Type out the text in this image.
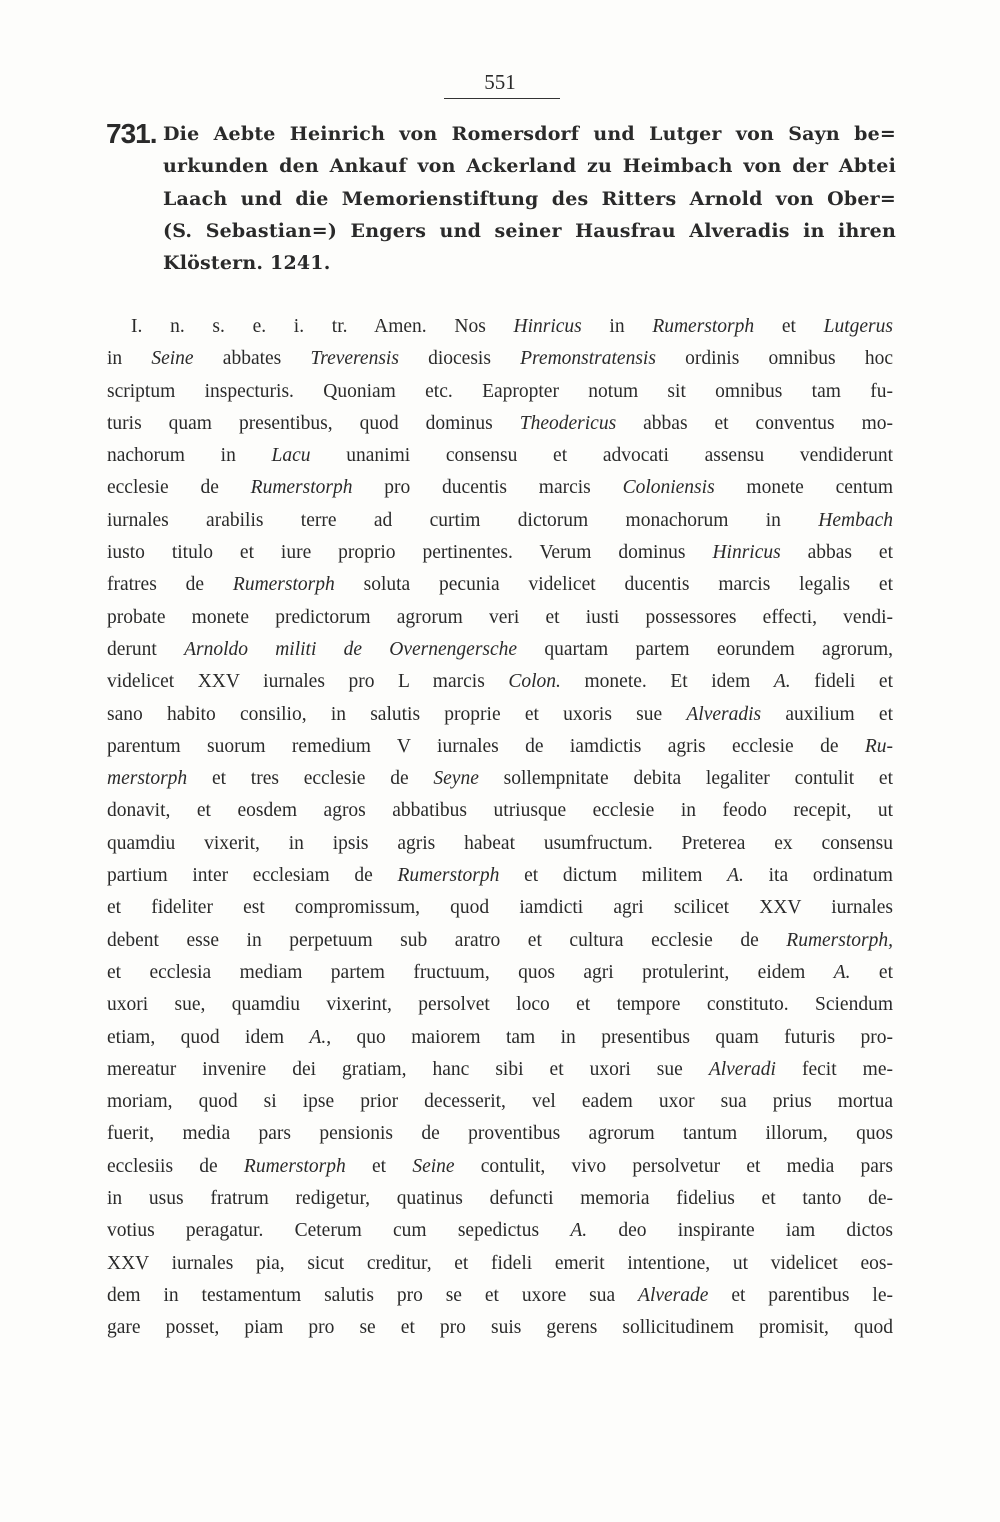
551
731. Die Aebte Heinrich von Romersdorf und Lutger von Sayn be=
urkunden den Ankauf von Ackerland zu Heimbach von der Abtei
Laach und die Memorienstiftung des Ritters Arnold von Ober=
(S. Sebastian=) Engers und seiner Hausfrau Alveradis in ihren
Klöstern. 1241.
I. n. s. e. i. tr. Amen. Nos Hinricus in Rumerstorph et Lutgerus
in Seine abbates Treverensis diocesis Premonstratensis ordinis omnibus hoc
scriptum inspecturis. Quoniam etc. Eapropter notum sit omnibus tam fu-
turis quam presentibus, quod dominus Theodericus abbas et conventus mo-
nachorum in Lacu unanimi consensu et advocati assensu vendiderunt
ecclesie de Rumerstorph pro ducentis marcis Coloniensis monete centum
iurnales arabilis terre ad curtim dictorum monachorum in Hembach
iusto titulo et iure proprio pertinentes. Verum dominus Hinricus abbas et
fratres de Rumerstorph soluta pecunia videlicet ducentis marcis legalis et
probate monete predictorum agrorum veri et iusti possessores effecti, vendi-
derunt Arnoldo militi de Overnengersche quartam partem eorundem agrorum,
videlicet XXV iurnales pro L marcis Colon. monete. Et idem A. fideli et
sano habito consilio, in salutis proprie et uxoris sue Alveradis auxilium et
parentum suorum remedium V iurnales de iamdictis agris ecclesie de Ru-
merstorph et tres ecclesie de Seyne sollempnitate debita legaliter contulit et
donavit, et eosdem agros abbatibus utriusque ecclesie in feodo recepit, ut
quamdiu vixerit, in ipsis agris habeat usumfructum. Preterea ex consensu
partium inter ecclesiam de Rumerstorph et dictum militem A. ita ordinatum
et fideliter est compromissum, quod iamdicti agri scilicet XXV iurnales
debent esse in perpetuum sub aratro et cultura ecclesie de Rumerstorph,
et ecclesia mediam partem fructuum, quos agri protulerint, eidem A. et
uxori sue, quamdiu vixerint, persolvet loco et tempore constituto. Sciendum
etiam, quod idem A., quo maiorem tam in presentibus quam futuris pro-
mereatur invenire dei gratiam, hanc sibi et uxori sue Alveradi fecit me-
moriam, quod si ipse prior decesserit, vel eadem uxor sua prius mortua
fuerit, media pars pensionis de proventibus agrorum tantum illorum, quos
ecclesiis de Rumerstorph et Seine contulit, vivo persolvetur et media pars
in usus fratrum redigetur, quatinus defuncti memoria fidelius et tanto de-
votius peragatur. Ceterum cum sepedictus A. deo inspirante iam dictos
XXV iurnales pia, sicut creditur, et fideli emerit intentione, ut videlicet eos-
dem in testamentum salutis pro se et uxore sua Alverade et parentibus le-
gare posset, piam pro se et pro suis gerens sollicitudinem promisit, quod
